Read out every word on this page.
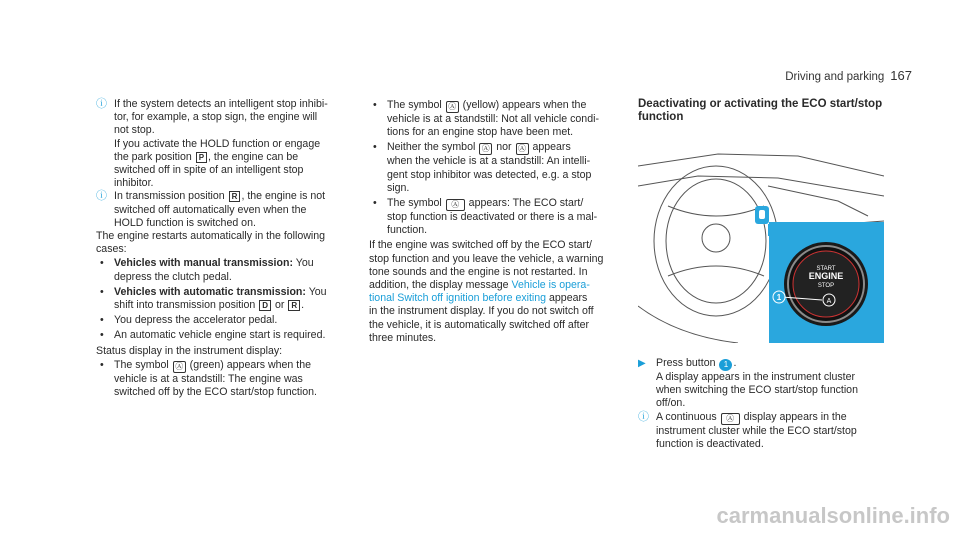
Driving and parking 167
ⓘ If the system detects an intelligent stop inhibi-

tor, for example, a stop sign, the engine will

not stop.

If you activate the HOLD function or engage

the park position P , the engine can be

switched off in spite of an intelligent stop

inhibitor.

ⓘ In transmission position R , the engine is not

switched off automatically even when the

HOLD function is switched on.

The engine restarts automatically in the following

cases:

• Vehicles with manual transmission: You

depress the clutch pedal.

• Vehicles with automatic transmission: You

shift into transmission position D or R .

• You depress the accelerator pedal.

• An automatic vehicle engine start is required.

Status display in the instrument display:

• The symbol Ⓐ (green) appears when the

vehicle is at a standstill: The engine was

switched off by the ECO start/stop function.

• The symbol Ⓐ (yellow) appears when the

vehicle is at a standstill: Not all vehicle condi-

tions for an engine stop have been met.

• Neither the symbol Ⓐ nor Ⓐ appears

when the vehicle is at a standstill: An intelli-

gent stop inhibitor was detected, e.g. a stop

sign.

• The symbol Ⓐ appears: The ECO start/

stop function is deactivated or there is a mal-

function.

If the engine was switched off by the ECO start/

stop function and you leave the vehicle, a warning

tone sounds and the engine is not restarted. In

addition, the display message Vehicle is opera-

tional Switch off ignition before exiting appears

in the instrument display. If you do not switch off

the vehicle, it is automatically switched off after

three minutes.

Deactivating or activating the ECO start/stop
function
START
ENGINE
STOP
A
1
▶ Press button 1 .

A display appears in the instrument cluster

when switching the ECO start/stop function

off/on.

ⓘ A continuous Ⓐ display appears in the

instrument cluster while the ECO start/stop

function is deactivated.

carmanualsonline.info
